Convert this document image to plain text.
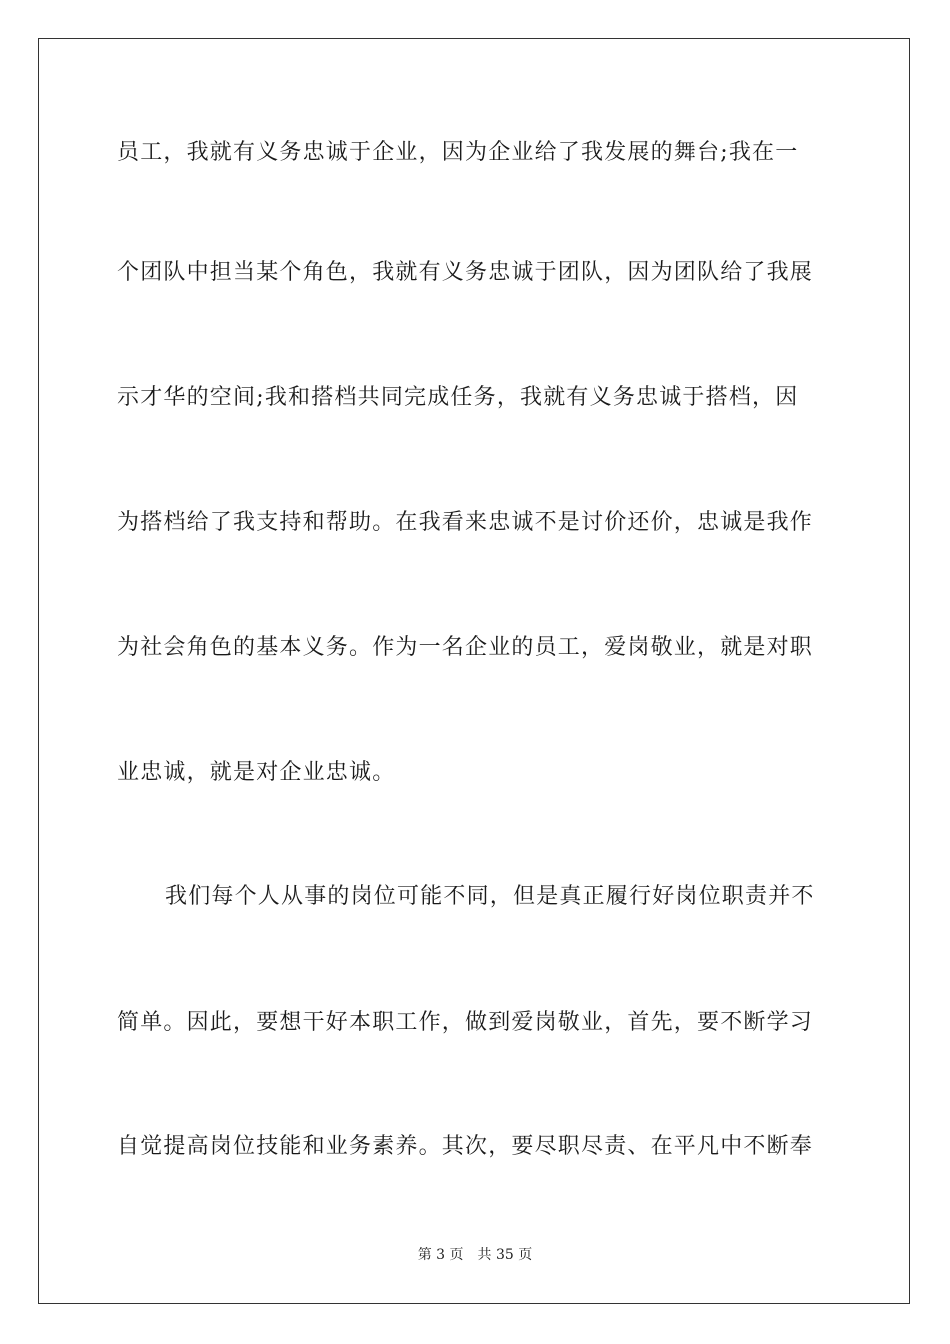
员工，我就有义务忠诚于企业，因为企业给了我发展的舞台;我在一
个团队中担当某个角色，我就有义务忠诚于团队，因为团队给了我展
示才华的空间;我和搭档共同完成任务，我就有义务忠诚于搭档，因
为搭档给了我支持和帮助。在我看来忠诚不是讨价还价，忠诚是我作
为社会角色的基本义务。作为一名企业的员工，爱岗敬业，就是对职
业忠诚，就是对企业忠诚。
我们每个人从事的岗位可能不同，但是真正履行好岗位职责并不
简单。因此，要想干好本职工作，做到爱岗敬业，首先，要不断学习
自觉提高岗位技能和业务素养。其次，要尽职尽责、在平凡中不断奉
第 3 页 共 35 页
